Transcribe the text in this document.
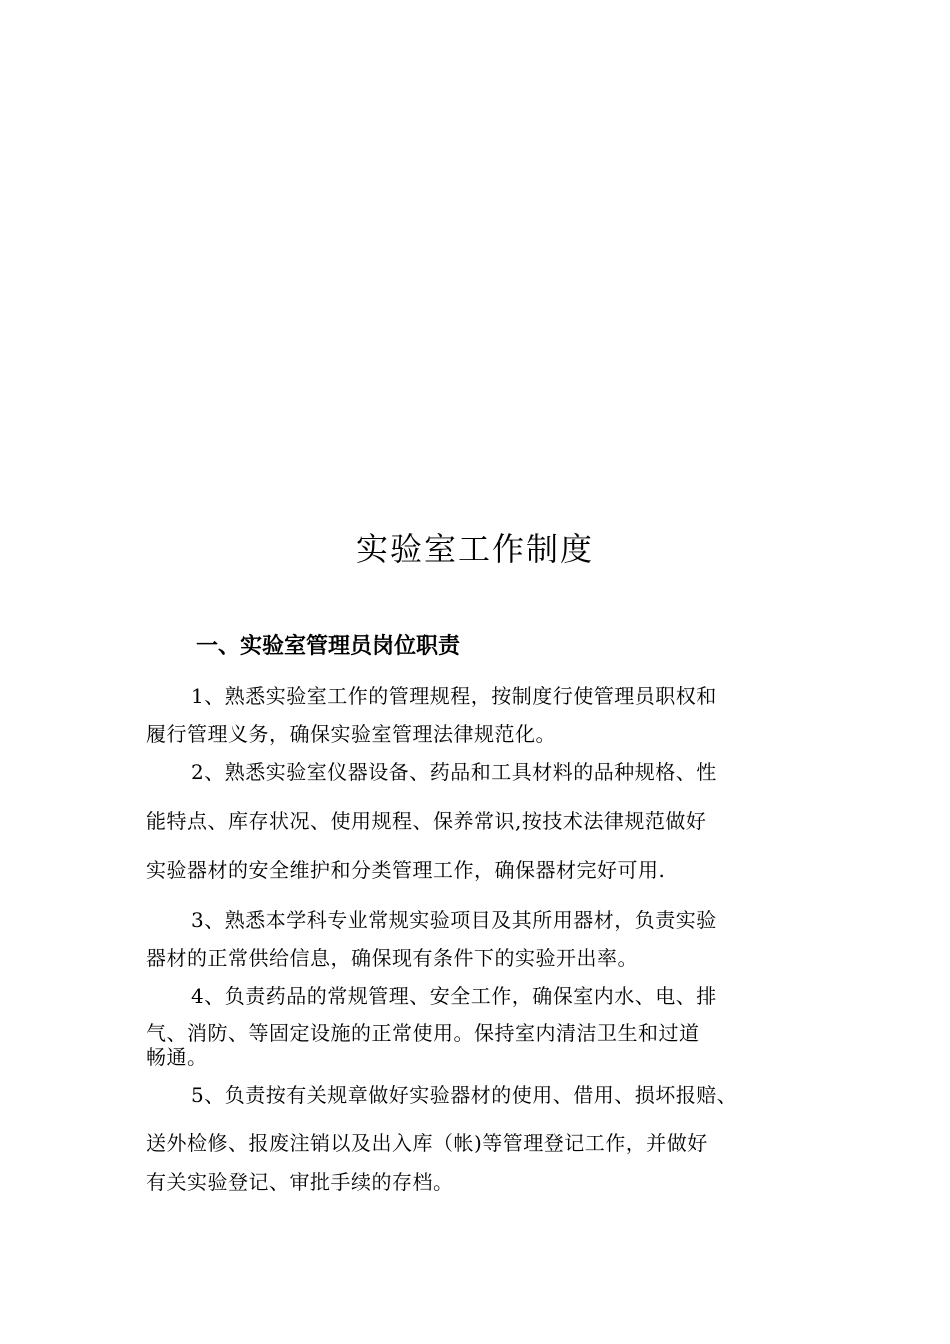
实验室工作制度
一、实验室管理员岗位职责
1、熟悉实验室工作的管理规程，按制度行使管理员职权和
履行管理义务，确保实验室管理法律规范化。
2、熟悉实验室仪器设备、药品和工具材料的品种规格、性
能特点、库存状况、使用规程、保养常识,按技术法律规范做好
实验器材的安全维护和分类管理工作，确保器材完好可用.
3、熟悉本学科专业常规实验项目及其所用器材，负责实验
器材的正常供给信息，确保现有条件下的实验开出率。
4、负责药品的常规管理、安全工作，确保室内水、电、排
气、消防、等固定设施的正常使用。保持室内清洁卫生和过道
畅通。
5、负责按有关规章做好实验器材的使用、借用、损坏报赔、
送外检修、报废注销以及出入库（帐)等管理登记工作，并做好
有关实验登记、审批手续的存档。
